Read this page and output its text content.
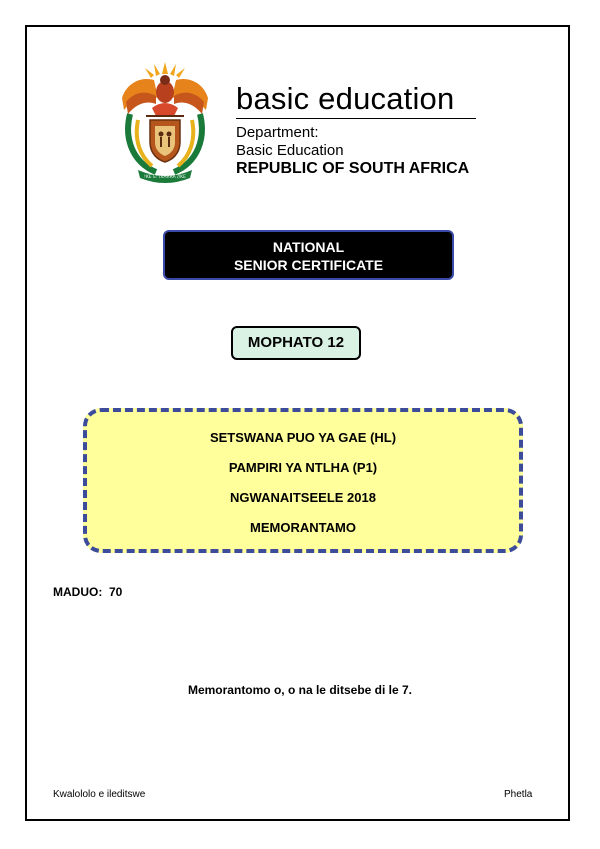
!KE E: /XARRA //KE
basic education
Department:
Basic Education
REPUBLIC OF SOUTH AFRICA
NATIONAL
SENIOR CERTIFICATE
MOPHATO 12
SETSWANA PUO YA GAE (HL)
PAMPIRI YA NTLHA (P1)
NGWANAITSEELE 2018
MEMORANTAMO
MADUO:  70
Memorantomo o, o na le ditsebe di le 7.
Kwalololo e ileditswe	Phetla
